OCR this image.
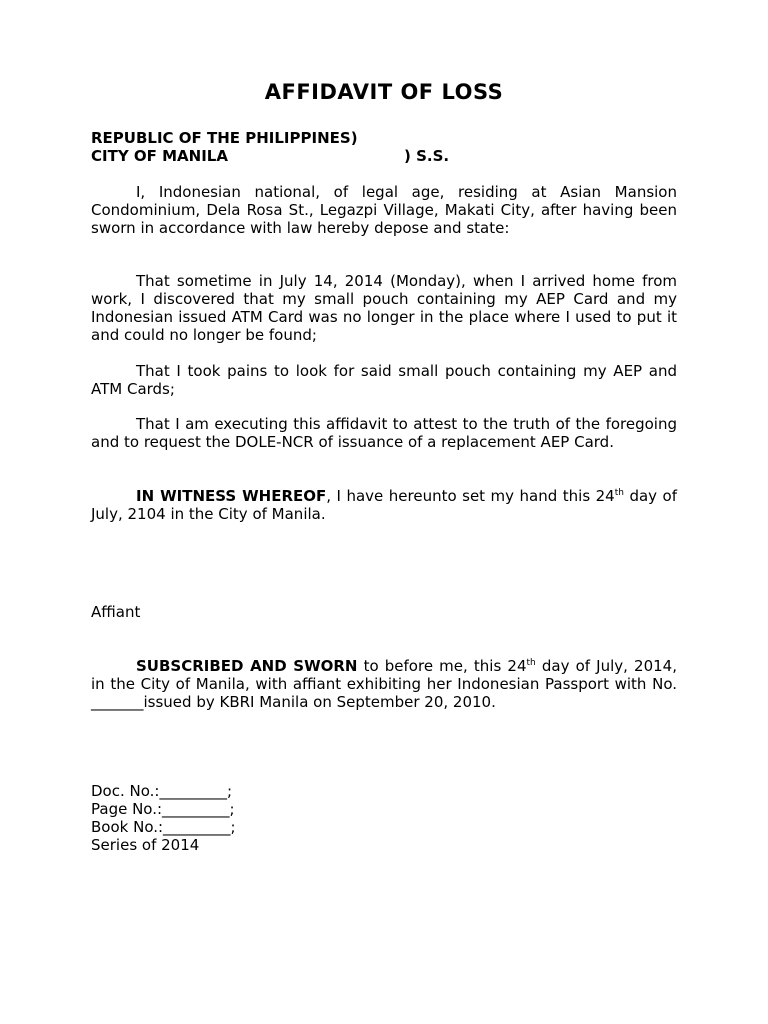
AFFIDAVIT OF LOSS
REPUBLIC OF THE PHILIPPINES)
CITY OF MANILA	) S.S.
I, Indonesian national, of legal age, residing at Asian Mansion Condominium, Dela Rosa St., Legazpi Village, Makati City, after having been sworn in accordance with law hereby depose and state:
That sometime in July 14, 2014 (Monday), when I arrived home from work, I discovered that my small pouch containing my AEP Card and my Indonesian issued ATM Card was no longer in the place where I used to put it and could no longer be found;
That I took pains to look for said small pouch containing my AEP and ATM Cards;
That I am executing this affidavit to attest to the truth of the foregoing and to request the DOLE-NCR of issuance of a replacement AEP Card.
IN WITNESS WHEREOF, I have hereunto set my hand this 24th day of July, 2104 in the City of Manila.
Affiant
SUBSCRIBED AND SWORN to before me, this 24th day of July, 2014, in the City of Manila, with affiant exhibiting her Indonesian Passport with No. _______issued by KBRI Manila on September 20, 2010.
Doc. No.:_________;
Page No.:_________;
Book No.:_________;
Series of 2014
